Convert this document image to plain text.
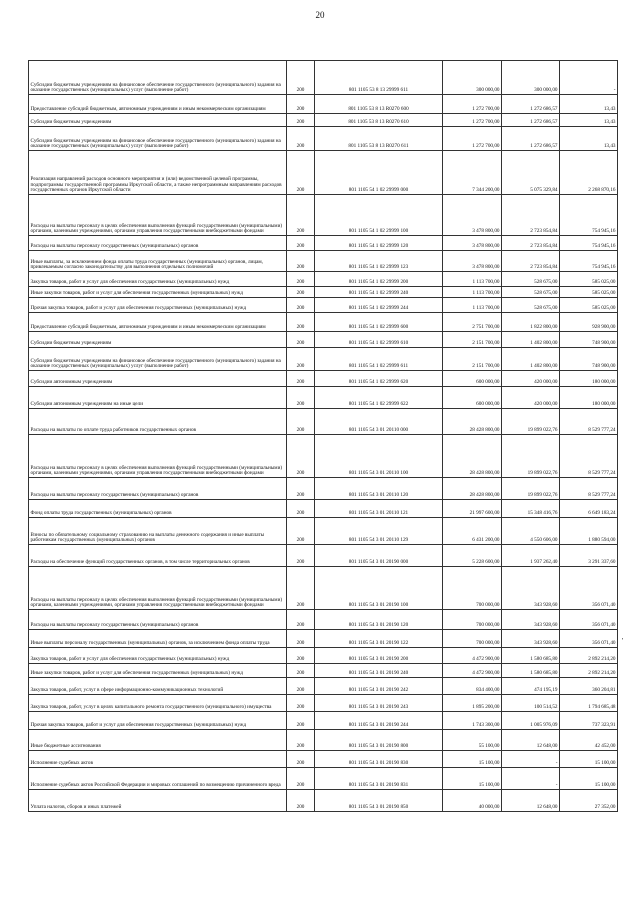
20
Субсидии бюджетным учреждениям на финансовое обеспечение государственного (муниципального) задания на оказание государственных (муниципальных) услуг (выполнение работ)	200	801 1105 53 8 13 29999 611	300 000,00	300 000,00	-
Предоставление субсидий бюджетным, автономным учреждениям и иным некоммерческим организациям	200	801 1105 53 8 13 R0270 600	1 272 700,00	1 272 686,57	13,43
Субсидии бюджетным учреждениям	200	801 1105 53 8 13 R0270 610	1 272 700,00	1 272 686,57	13,43
Субсидии бюджетным учреждениям на финансовое обеспечение государственного (муниципального) задания на оказание государственных (муниципальных) услуг (выполнение работ)	200	801 1105 53 8 13 R0270 611	1 272 700,00	1 272 686,57	13,43
Реализация направлений расходов основного мероприятия и (или) ведомственной целевой программы, подпрограммы государственной программы Иркутской области, а также непрограммным направлениям расходов государственных органов Иркутской области	200	801 1105 54 1 02 29999 000	7 344 200,00	5 075 329,84	2 268 870,16
Расходы на выплаты персоналу в целях обеспечения выполнения функций государственными (муниципальными) органами, казенными учреждениями, органами управления государственными внебюджетными фондами	200	801 1105 54 1 02 29999 100	3 478 800,00	2 723 854,84	754 945,16
Расходы на выплаты персоналу государственных (муниципальных) органов	200	801 1105 54 1 02 29999 120	3 478 800,00	2 723 854,84	754 945,16
Иные выплаты, за исключением фонда оплаты труда государственных (муниципальных) органов, лицам, привлекаемым согласно законодательству для выполнения отдельных полномочий	200	801 1105 54 1 02 29999 123	3 478 800,00	2 723 854,84	754 945,16
Закупка товаров, работ и услуг для обеспечения государственных (муниципальных) нужд	200	801 1105 54 1 02 29999 200	1 113 700,00	528 675,00	585 025,00
Иные закупки товаров, работ и услуг для обеспечения государственных (муниципальных) нужд	200	801 1105 54 1 02 29999 240	1 113 700,00	528 675,00	585 025,00
Прочая закупка товаров, работ и услуг для обеспечения государственных (муниципальных) нужд	200	801 1105 54 1 02 29999 244	1 113 700,00	528 675,00	585 025,00
Предоставление субсидий бюджетным, автономным учреждениям и иным некоммерческим организациям	200	801 1105 54 1 02 29999 600	2 751 700,00	1 822 800,00	928 900,00
Субсидии бюджетным учреждениям	200	801 1105 54 1 02 29999 610	2 151 700,00	1 402 800,00	748 900,00
Субсидии бюджетным учреждениям на финансовое обеспечение государственного (муниципального) задания на оказание государственных (муниципальных) услуг (выполнение работ)	200	801 1105 54 1 02 29999 611	2 151 700,00	1 402 800,00	748 900,00
Субсидии автономным учреждениям	200	801 1105 54 1 02 29999 620	600 000,00	420 000,00	180 000,00
Субсидии автономным учреждениям на иные цели	200	801 1105 54 1 02 29999 622	600 000,00	420 000,00	180 000,00
Расходы на выплаты по оплате труда работников государственных органов	200	801 1105 54 3 01 20110 000	28 428 800,00	19 899 022,76	8 529 777,24
Расходы на выплаты персоналу в целях обеспечения выполнения функций государственными (муниципальными) органами, казенными учреждениями, органами управления государственными внебюджетными фондами	200	801 1105 54 3 01 20110 100	28 428 800,00	19 899 022,76	8 529 777,24
Расходы на выплаты персоналу государственных (муниципальных) органов	200	801 1105 54 3 01 20110 120	28 428 800,00	19 899 022,76	8 529 777,24
Фонд оплаты труда государственных (муниципальных) органов	200	801 1105 54 3 01 20110 121	21 997 600,00	15 348 416,76	6 649 183,24
Взносы по обязательному социальному страхованию на выплаты денежного содержания и иные выплаты работникам государственных (муниципальных) органов	200	801 1105 54 3 01 20110 129	6 431 200,00	4 550 606,00	1 880 594,00
Расходы на обеспечение функций государственных органов, в том числе территориальных органов	200	801 1105 54 3 01 20190 000	5 228 600,00	1 937 262,40	3 291 337,60
Расходы на выплаты персоналу в целях обеспечения выполнения функций государственными (муниципальными) органами, казенными учреждениями, органами управления государственными внебюджетными фондами	200	801 1105 54 3 01 20190 100	700 000,00	343 928,60	356 071,40
Расходы на выплаты персоналу государственных (муниципальных) органов	200	801 1105 54 3 01 20190 120	700 000,00	343 928,60	356 071,40
Иные выплаты персоналу государственных (муниципальных) органов, за исключением фонда оплаты труда	200	801 1105 54 3 01 20190 122	700 000,00	343 928,60	356 071,40
Закупка товаров, работ и услуг для обеспечения государственных (муниципальных) нужд	200	801 1105 54 3 01 20190 200	4 472 900,00	1 580 685,80	2 892 214,20
Иные закупки товаров, работ и услуг для обеспечения государственных (муниципальных) нужд	200	801 1105 54 3 01 20190 240	4 472 900,00	1 580 685,80	2 892 214,20
Закупка товаров, работ, услуг в сфере информационно-коммуникационных технологий	200	801 1105 54 3 01 20190 242	834 400,00	474 195,19	360 204,81
Закупка товаров, работ, услуг в целях капитального ремонта государственного (муниципального) имущества	200	801 1105 54 3 01 20190 243	1 895 200,00	100 514,52	1 794 685,48
Прочая закупка товаров, работ и услуг для обеспечения государственных (муниципальных) нужд	200	801 1105 54 3 01 20190 244	1 743 300,00	1 005 976,09	737 323,91
Иные бюджетные ассигнования	200	801 1105 54 3 01 20190 800	55 100,00	12 648,00	42 452,00
Исполнение судебных актов	200	801 1105 54 3 01 20190 830	15 100,00	-	15 100,00
Исполнение судебных актов Российской Федерации и мировых соглашений по возмещению причиненного вреда	200	801 1105 54 3 01 20190 831	15 100,00	-	15 100,00
Уплата налогов, сборов и иных платежей	200	801 1105 54 3 01 20190 850	40 000,00	12 648,00	27 352,00
'
